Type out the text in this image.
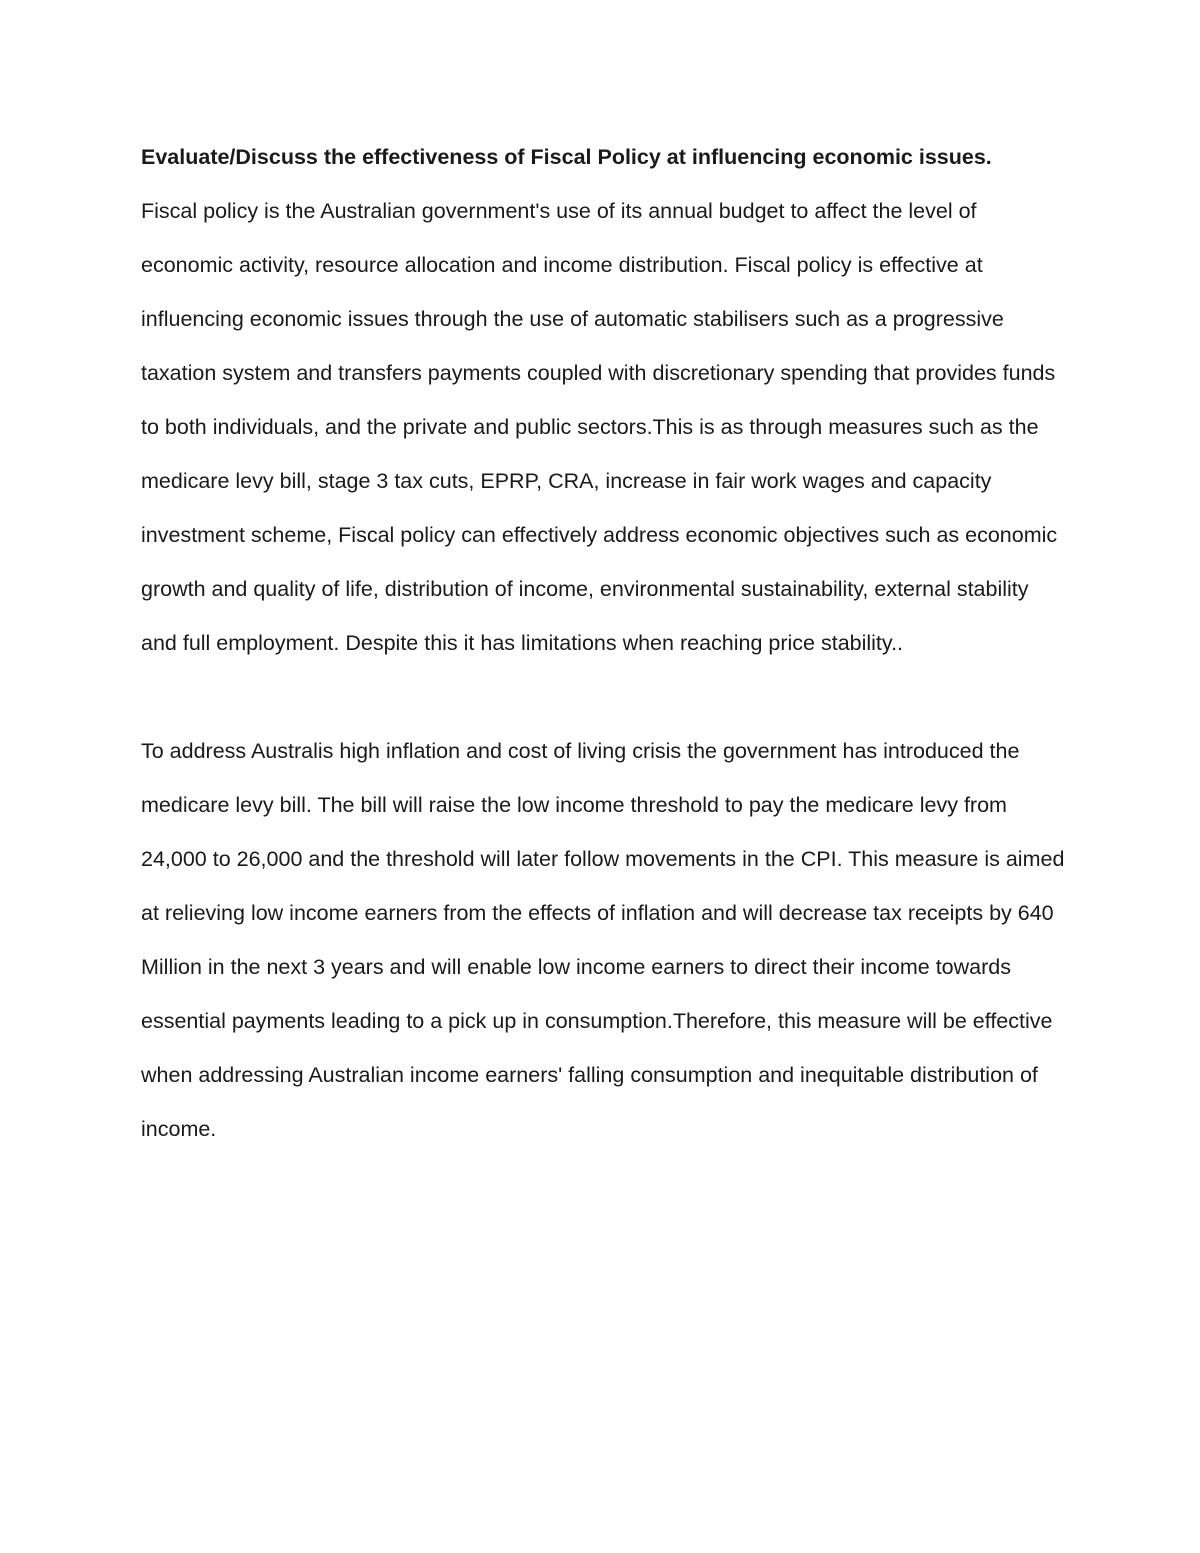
Evaluate/Discuss the effectiveness of Fiscal Policy at influencing economic issues.

Fiscal policy is the Australian government's use of its annual budget to affect the level of economic activity, resource allocation and income distribution. Fiscal policy is effective at influencing economic issues through the use of automatic stabilisers such as a progressive taxation system and transfers payments coupled with discretionary spending that provides funds to both individuals, and the private and public sectors.This is as through measures such as the medicare levy bill, stage 3 tax cuts, EPRP, CRA, increase in fair work wages and capacity investment scheme, Fiscal policy can effectively address economic objectives such as economic growth and quality of life, distribution of income, environmental sustainability, external stability and full employment. Despite this it has limitations when reaching price stability..

To address Australis high inflation and cost of living crisis the government has introduced the medicare levy bill. The bill will raise the low income threshold to pay the medicare levy from 24,000 to 26,000 and the threshold will later follow movements in the CPI. This measure is aimed at relieving low income earners from the effects of inflation and will decrease tax receipts by 640 Million in the next 3 years and will enable low income earners to direct their income towards essential payments leading to a pick up in consumption.Therefore, this measure will be effective when addressing Australian income earners' falling consumption and inequitable distribution of income.
